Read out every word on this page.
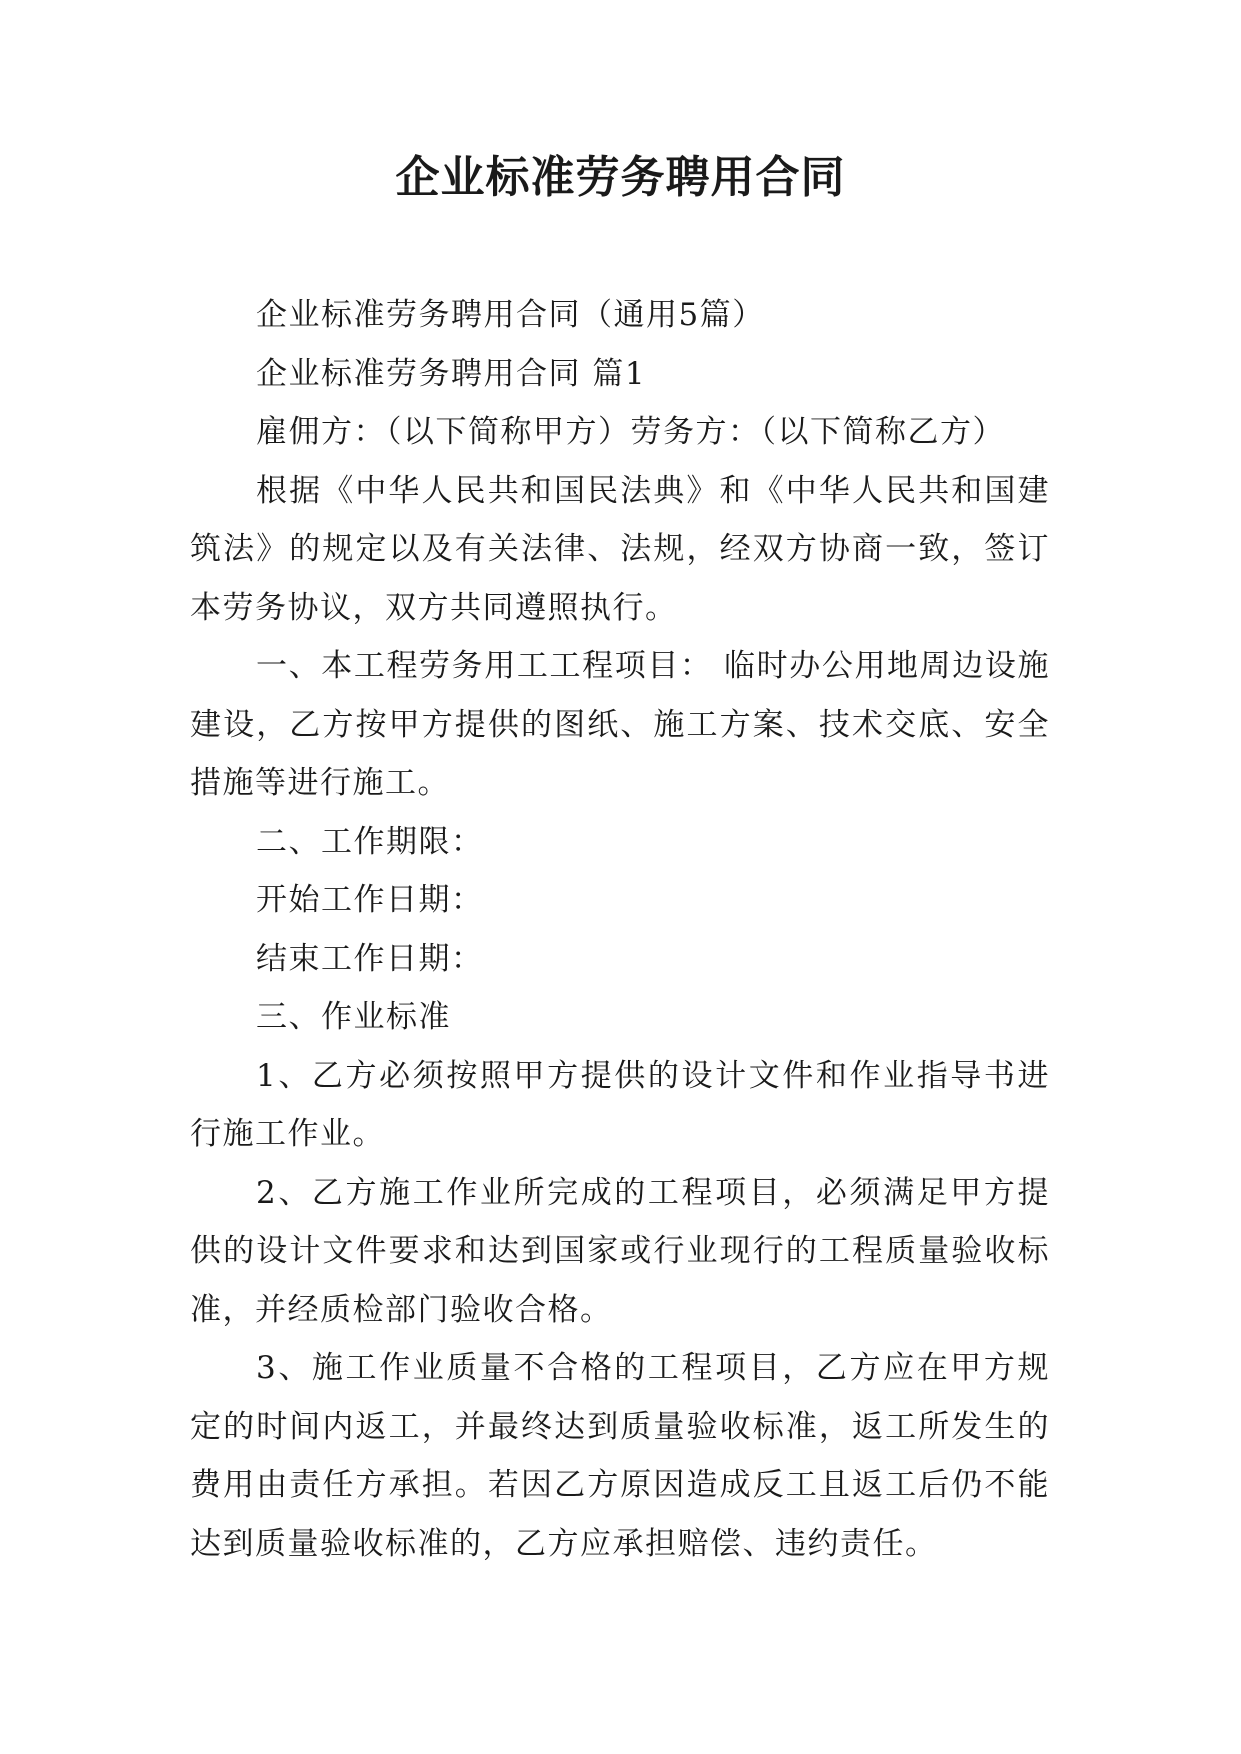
企业标准劳务聘用合同

企业标准劳务聘用合同（通用5篇）

企业标准劳务聘用合同 篇1

雇佣方：（以下简称甲方）劳务方：（以下简称乙方）

根据《中华人民共和国民法典》和《中华人民共和国建筑法》的规定以及有关法律、法规，经双方协商一致，签订本劳务协议，双方共同遵照执行。

一、本工程劳务用工工程项目： 临时办公用地周边设施建设，乙方按甲方提供的图纸、施工方案、技术交底、安全措施等进行施工。

二、工作期限：

开始工作日期：

结束工作日期：

三、作业标准

1、乙方必须按照甲方提供的设计文件和作业指导书进行施工作业。

2、乙方施工作业所完成的工程项目，必须满足甲方提供的设计文件要求和达到国家或行业现行的工程质量验收标准，并经质检部门验收合格。

3、施工作业质量不合格的工程项目，乙方应在甲方规定的时间内返工，并最终达到质量验收标准，返工所发生的费用由责任方承担。若因乙方原因造成反工且返工后仍不能达到质量验收标准的，乙方应承担赔偿、违约责任。
